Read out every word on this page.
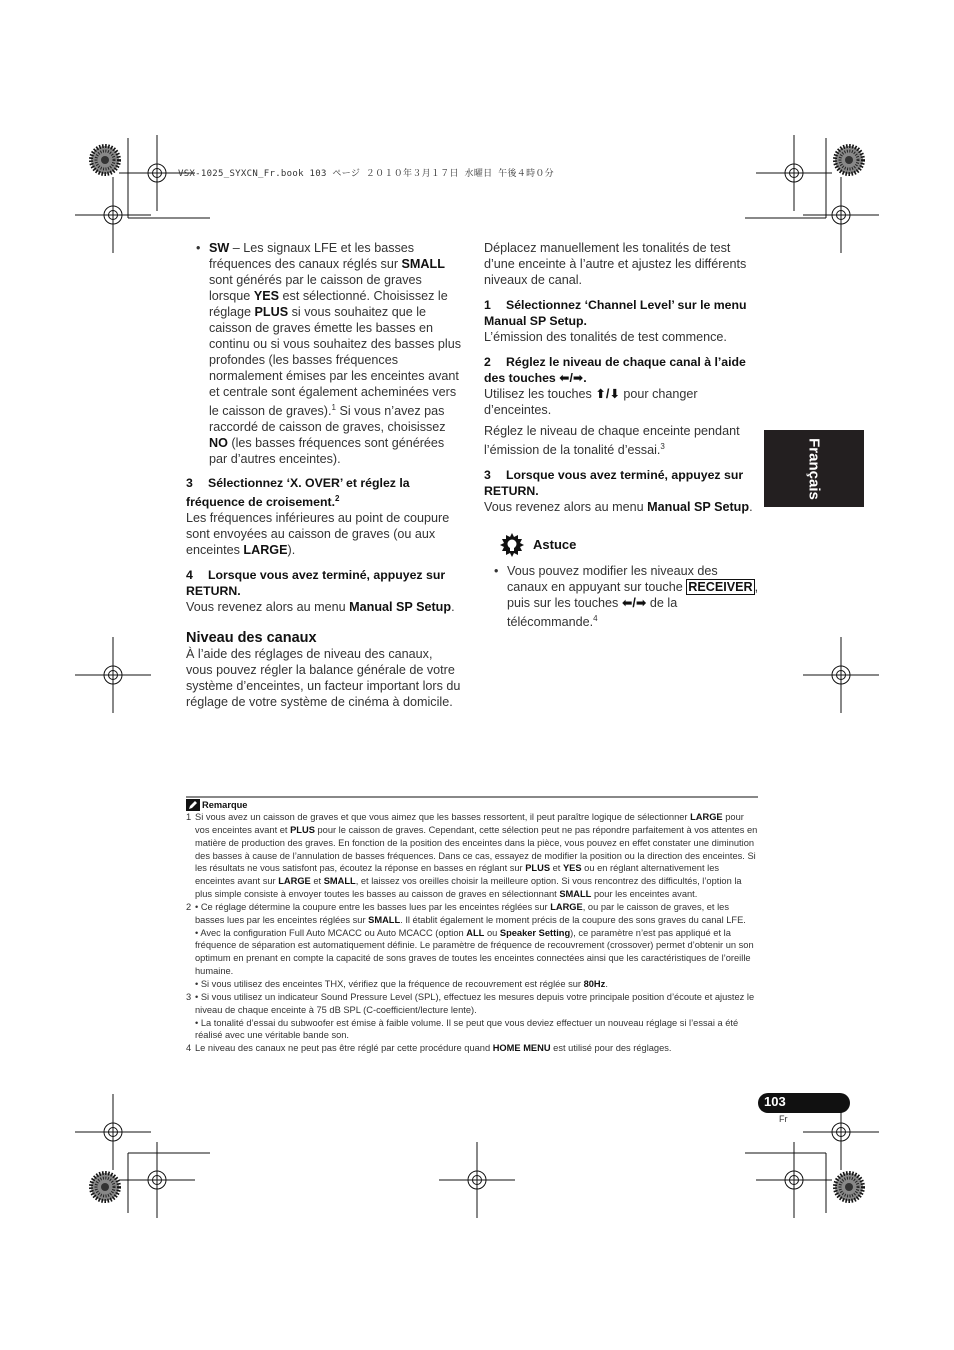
VSX-1025_SYXCN_Fr.book 103 ページ ２０１０年３月１７日 水曜日 午後４時０分
Français
• SW – Les signaux LFE et les basses fréquences des canaux réglés sur SMALL sont générés par le caisson de graves lorsque YES est sélectionné. Choisissez le réglage PLUS si vous souhaitez que le caisson de graves émette les basses en continu ou si vous souhaitez des basses plus profondes (les basses fréquences normalement émises par les enceintes avant et centrale sont également acheminées vers le caisson de graves).$^1$ Si vous n’avez pas raccordé de caisson de graves, choisissez NO (les basses fréquences sont générées par d’autres enceintes).

3 Sélectionnez ‘X. OVER’ et réglez la fréquence de croisement.$^2$

Les fréquences inférieures au point de coupure sont envoyées au caisson de graves (ou aux enceintes LARGE).

4 Lorsque vous avez terminé, appuyez sur RETURN.

Vous revenez alors au menu Manual SP Setup.

Niveau des canaux

À l’aide des réglages de niveau des canaux, vous pouvez régler la balance générale de votre système d’enceintes, un facteur important lors du réglage de votre système de cinéma à domicile.

Déplacez manuellement les tonalités de test d’une enceinte à l’autre et ajustez les différents niveaux de canal.

1 Sélectionnez ‘Channel Level’ sur le menu Manual SP Setup.

L’émission des tonalités de test commence.

2 Réglez le niveau de chaque canal à l’aide des touches ⬅/➡.

Utilisez les touches ⬆/⬇ pour changer d’enceintes.

Réglez le niveau de chaque enceinte pendant l’émission de la tonalité d’essai.$^3$

3 Lorsque vous avez terminé, appuyez sur RETURN.

Vous revenez alors au menu Manual SP Setup.

Astuce
• Vous pouvez modifier les niveaux des canaux en appuyant sur touche RECEIVER , puis sur les touches ⬅/➡ de la télécommande.$^4$

Remarque
1 Si vous avez un caisson de graves et que vous aimez que les basses ressortent, il peut paraître logique de sélectionner LARGE pour vos enceintes avant et PLUS pour le caisson de graves. Cependant, cette sélection peut ne pas répondre parfaitement à vos attentes en matière de production des graves. En fonction de la position des enceintes dans la pièce, vous pouvez en effet constater une diminution des basses à cause de l’annulation de basses fréquences. Dans ce cas, essayez de modifier la position ou la direction des enceintes. Si les résultats ne vous satisfont pas, écoutez la réponse en basses en réglant sur PLUS et YES ou en réglant alternativement les enceintes avant sur LARGE et SMALL, et laissez vos oreilles choisir la meilleure option. Si vous rencontrez des difficultés, l’option la plus simple consiste à envoyer toutes les basses au caisson de graves en sélectionnant SMALL pour les enceintes avant.
2 • Ce réglage détermine la coupure entre les basses lues par les enceintes réglées sur LARGE, ou par le caisson de graves, et les basses lues par les enceintes réglées sur SMALL. Il établit également le moment précis de la coupure des sons graves du canal LFE.
• Avec la configuration Full Auto MCACC ou Auto MCACC (option ALL ou Speaker Setting), ce paramètre n’est pas appliqué et la fréquence de séparation est automatiquement définie. Le paramètre de fréquence de recouvrement (crossover) permet d’obtenir un son optimum en prenant en compte la capacité de sons graves de toutes les enceintes connectées ainsi que les caractéristiques de l’oreille humaine.
• Si vous utilisez des enceintes THX, vérifiez que la fréquence de recouvrement est réglée sur 80Hz.
3 • Si vous utilisez un indicateur Sound Pressure Level (SPL), effectuez les mesures depuis votre principale position d’écoute et ajustez le niveau de chaque enceinte à 75 dB SPL (C-coefficient/lecture lente).
• La tonalité d’essai du subwoofer est émise à faible volume. Il se peut que vous deviez effectuer un nouveau réglage si l’essai a été réalisé avec une véritable bande son.
4 Le niveau des canaux ne peut pas être réglé par cette procédure quand HOME MENU est utilisé pour des réglages.
103
Fr
